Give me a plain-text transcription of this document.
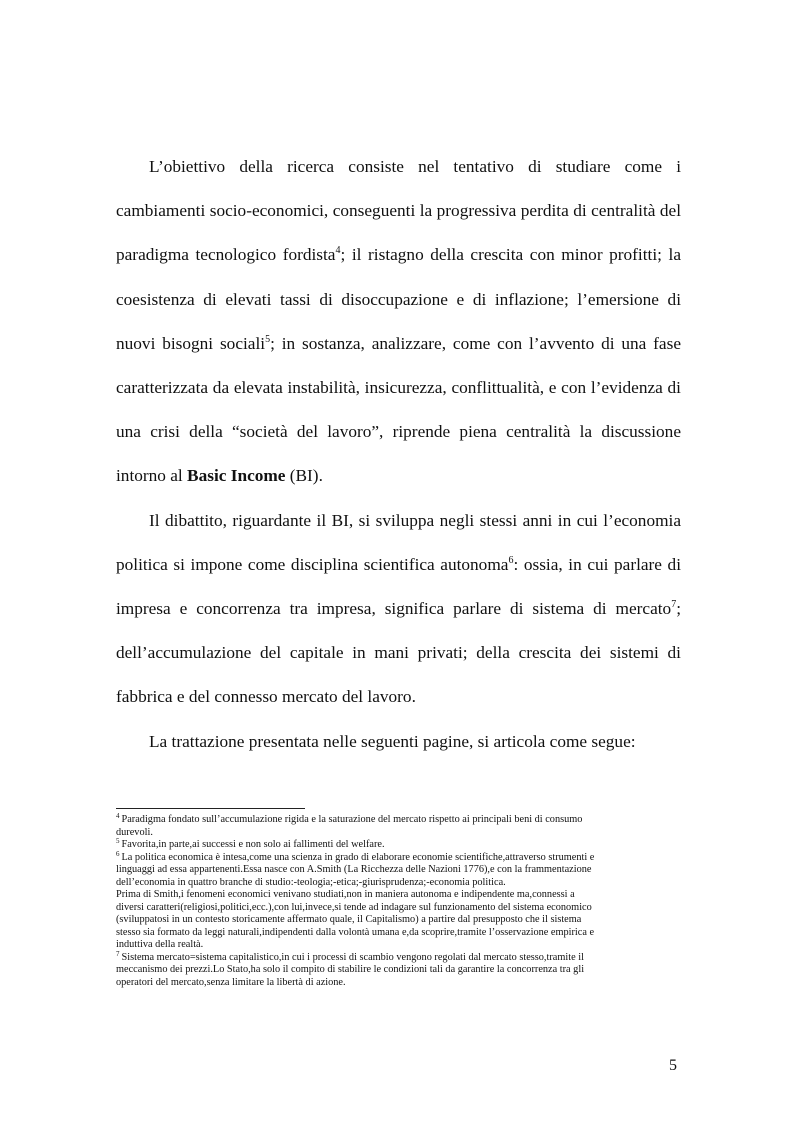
L’obiettivo della ricerca consiste nel tentativo di studiare come i cambiamenti socio-economici, conseguenti la progressiva perdita di centralità del paradigma tecnologico fordista$^4$; il ristagno della crescita con minor profitti; la coesistenza di elevati tassi di disoccupazione e di inflazione; l’emersione di nuovi bisogni sociali$^5$; in sostanza, analizzare, come con l’avvento di una fase caratterizzata da elevata instabilità, insicurezza, conflittualità, e con l’evidenza di una crisi della “società del lavoro”, riprende piena centralità la discussione intorno al Basic Income (BI).

Il dibattito, riguardante il BI, si sviluppa negli stessi anni in cui l’economia politica si impone come disciplina scientifica autonoma$^6$: ossia, in cui parlare di impresa e concorrenza tra impresa, significa parlare di sistema di mercato$^7$; dell’accumulazione del capitale in mani privati; della crescita dei sistemi di fabbrica e del connesso mercato del lavoro.

La trattazione presentata nelle seguenti pagine, si articola come segue:

$^4$ Paradigma fondato sull’accumulazione rigida e la saturazione del mercato rispetto ai principali beni di consumo
durevoli.
$^5$ Favorita,in parte,ai successi e non solo ai fallimenti del welfare.
$^6$ La politica economica è intesa,come una scienza in grado di elaborare economie scientifiche,attraverso strumenti e
linguaggi ad essa appartenenti.Essa nasce con A.Smith (La Ricchezza delle Nazioni 1776),e con la frammentazione
dell’economia in quattro branche di studio:-teologia;-etica;-giurisprudenza;-economia politica.
Prima di Smith,i fenomeni economici venivano studiati,non in maniera autonoma e indipendente ma,connessi a
diversi caratteri(religiosi,politici,ecc.),con lui,invece,si tende ad indagare sul funzionamento del sistema economico
(sviluppatosi in un contesto storicamente affermato quale, il Capitalismo) a partire dal presupposto che il sistema
stesso sia formato da leggi naturali,indipendenti dalla volontà umana e,da scoprire,tramite l’osservazione empirica e
induttiva della realtà.
$^7$ Sistema mercato=sistema capitalistico,in cui i processi di scambio vengono regolati dal mercato stesso,tramite il
meccanismo dei prezzi.Lo Stato,ha solo il compito di stabilire le condizioni tali da garantire la concorrenza tra gli
operatori del mercato,senza limitare la libertà di azione.
5
